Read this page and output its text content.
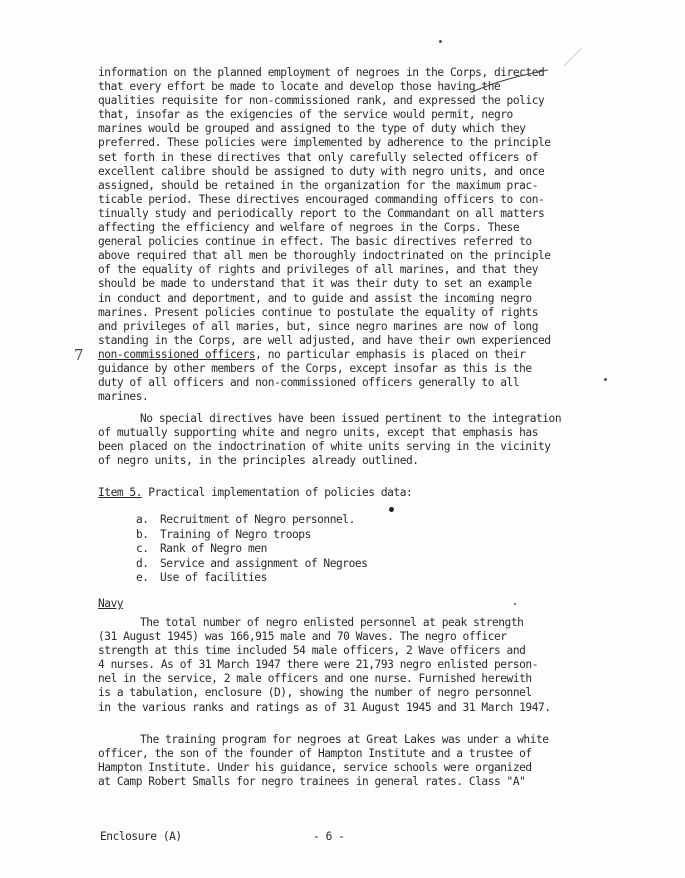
information on the planned employment of negroes in the Corps, directed
that every effort be made to locate and develop those having the
qualities requisite for non-commissioned rank, and expressed the policy
that, insofar as the exigencies of the service would permit, negro
marines would be grouped and assigned to the type of duty which they
preferred. These policies were implemented by adherence to the principle
set forth in these directives that only carefully selected officers of
excellent calibre should be assigned to duty with negro units, and once
assigned, should be retained in the organization for the maximum prac-
ticable period. These directives encouraged commanding officers to con-
tinually study and periodically report to the Commandant on all matters
affecting the efficiency and welfare of negroes in the Corps. These
general policies continue in effect. The basic directives referred to
above required that all men be thoroughly indoctrinated on the principle
of the equality of rights and privileges of all marines, and that they
should be made to understand that it was their duty to set an example
in conduct and deportment, and to guide and assist the incoming negro
marines. Present policies continue to postulate the equality of rights
and privileges of all maries, but, since negro marines are now of long
standing in the Corps, are well adjusted, and have their own experienced
non-commissioned officers, no particular emphasis is placed on their
guidance by other members of the Corps, except insofar as this is the
duty of all officers and non-commissioned officers generally to all
marines.
7
No special directives have been issued pertinent to the integration
of mutually supporting white and negro units, except that emphasis has
been placed on the indoctrination of white units serving in the vicinity
of negro units, in the principles already outlined.
Item 5. Practical implementation of policies data:
a. Recruitment of Negro personnel.
b. Training of Negro troops
c. Rank of Negro men
d. Service and assignment of Negroes
e. Use of facilities
Navy
The total number of negro enlisted personnel at peak strength
(31 August 1945) was 166,915 male and 70 Waves. The negro officer
strength at this time included 54 male officers, 2 Wave officers and
4 nurses. As of 31 March 1947 there were 21,793 negro enlisted person-
nel in the service, 2 male officers and one nurse. Furnished herewith
is a tabulation, enclosure (D), showing the number of negro personnel
in the various ranks and ratings as of 31 August 1945 and 31 March 1947.
The training program for negroes at Great Lakes was under a white
officer, the son of the founder of Hampton Institute and a trustee of
Hampton Institute. Under his guidance, service schools were organized
at Camp Robert Smalls for negro trainees in general rates. Class "A"
Enclosure (A)	- 6 -
